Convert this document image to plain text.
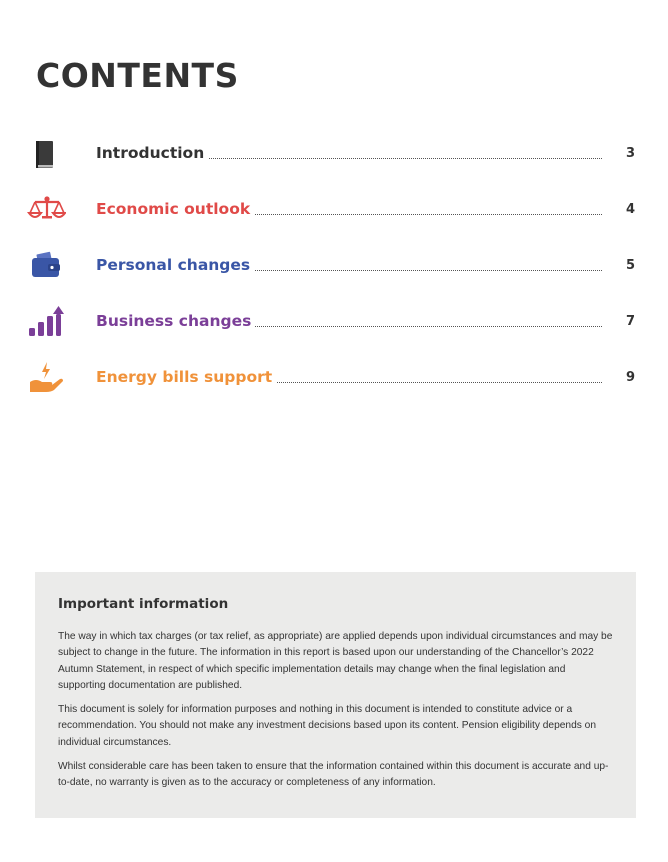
CONTENTS
Introduction	3
Economic outlook	4
Personal changes	5
Business changes	7
Energy bills support	9

Important information

The way in which tax charges (or tax relief, as appropriate) are applied depends upon individual circumstances and may be subject to change in the future. The information in this report is based upon our understanding of the Chancellor’s 2022 Autumn Statement, in respect of which specific implementation details may change when the final legislation and supporting documentation are published.

This document is solely for information purposes and nothing in this document is intended to constitute advice or a recommendation. You should not make any investment decisions based upon its content. Pension eligibility depends on individual circumstances.

Whilst considerable care has been taken to ensure that the information contained within this document is accurate and up-to-date, no warranty is given as to the accuracy or completeness of any information.
